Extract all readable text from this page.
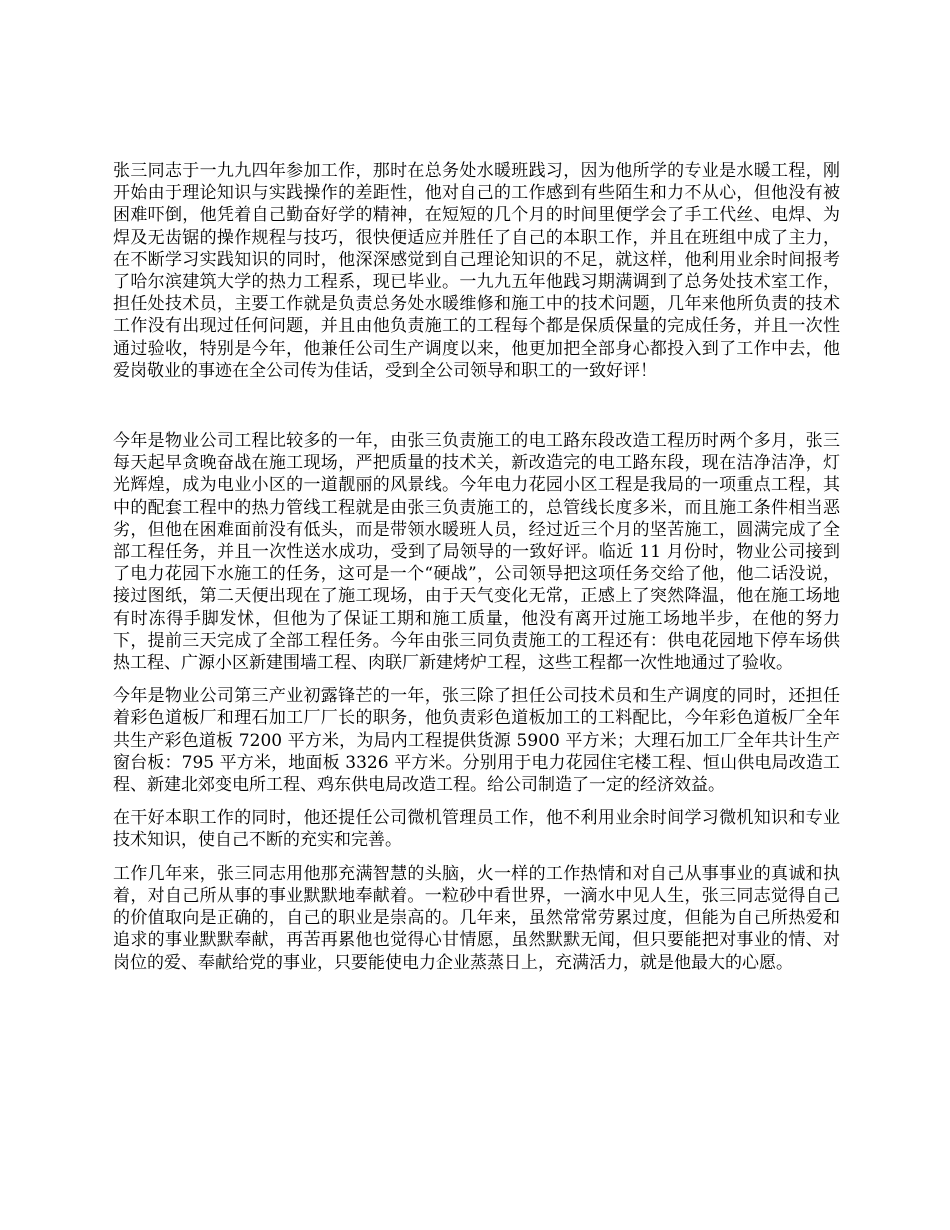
张三同志于一九九四年参加工作，那时在总务处水暖班践习，因为他所学的专业是水暖工程，刚开始由于理论知识与实践操作的差距性，他对自己的工作感到有些陌生和力不从心，但他没有被困难吓倒，他凭着自己勤奋好学的精神，在短短的几个月的时间里便学会了手工代丝、电焊、为焊及无齿锯的操作规程与技巧，很快便适应并胜任了自己的本职工作，并且在班组中成了主力，在不断学习实践知识的同时，他深深感觉到自己理论知识的不足，就这样，他利用业余时间报考了哈尔滨建筑大学的热力工程系，现已毕业。一九九五年他践习期满调到了总务处技术室工作，担任处技术员，主要工作就是负责总务处水暖维修和施工中的技术问题，几年来他所负责的技术工作没有出现过任何问题，并且由他负责施工的工程每个都是保质保量的完成任务，并且一次性通过验收，特别是今年，他兼任公司生产调度以来，他更加把全部身心都投入到了工作中去，他爱岗敬业的事迹在全公司传为佳话，受到全公司领导和职工的一致好评！

今年是物业公司工程比较多的一年，由张三负责施工的电工路东段改造工程历时两个多月，张三每天起早贪晚奋战在施工现场，严把质量的技术关，新改造完的电工路东段，现在洁净洁净，灯光辉煌，成为电业小区的一道靓丽的风景线。今年电力花园小区工程是我局的一项重点工程，其中的配套工程中的热力管线工程就是由张三负责施工的，总管线长度多米，而且施工条件相当恶劣，但他在困难面前没有低头，而是带领水暖班人员，经过近三个月的坚苦施工，圆满完成了全部工程任务，并且一次性送水成功，受到了局领导的一致好评。临近 11 月份时，物业公司接到了电力花园下水施工的任务，这可是一个“硬战”，公司领导把这项任务交给了他，他二话没说，接过图纸，第二天便出现在了施工现场，由于天气变化无常，正感上了突然降温，他在施工场地有时冻得手脚发怵，但他为了保证工期和施工质量，他没有离开过施工场地半步，在他的努力下，提前三天完成了全部工程任务。今年由张三同负责施工的工程还有：供电花园地下停车场供热工程、广源小区新建围墙工程、肉联厂新建烤炉工程，这些工程都一次性地通过了验收。

今年是物业公司第三产业初露锋芒的一年，张三除了担任公司技术员和生产调度的同时，还担任着彩色道板厂和理石加工厂厂长的职务，他负责彩色道板加工的工料配比，今年彩色道板厂全年共生产彩色道板 7200 平方米，为局内工程提供货源 5900 平方米；大理石加工厂全年共计生产窗台板：795 平方米，地面板 3326 平方米。分别用于电力花园住宅楼工程、恒山供电局改造工程、新建北郊变电所工程、鸡东供电局改造工程。给公司制造了一定的经济效益。

在干好本职工作的同时，他还提任公司微机管理员工作，他不利用业余时间学习微机知识和专业技术知识，使自己不断的充实和完善。

工作几年来，张三同志用他那充满智慧的头脑，火一样的工作热情和对自己从事事业的真诚和执着，对自己所从事的事业默默地奉献着。一粒砂中看世界，一滴水中见人生，张三同志觉得自己的价值取向是正确的，自己的职业是崇高的。几年来，虽然常常劳累过度，但能为自己所热爱和追求的事业默默奉献，再苦再累他也觉得心甘情愿，虽然默默无闻，但只要能把对事业的情、对岗位的爱、奉献给党的事业，只要能使电力企业蒸蒸日上，充满活力，就是他最大的心愿。
